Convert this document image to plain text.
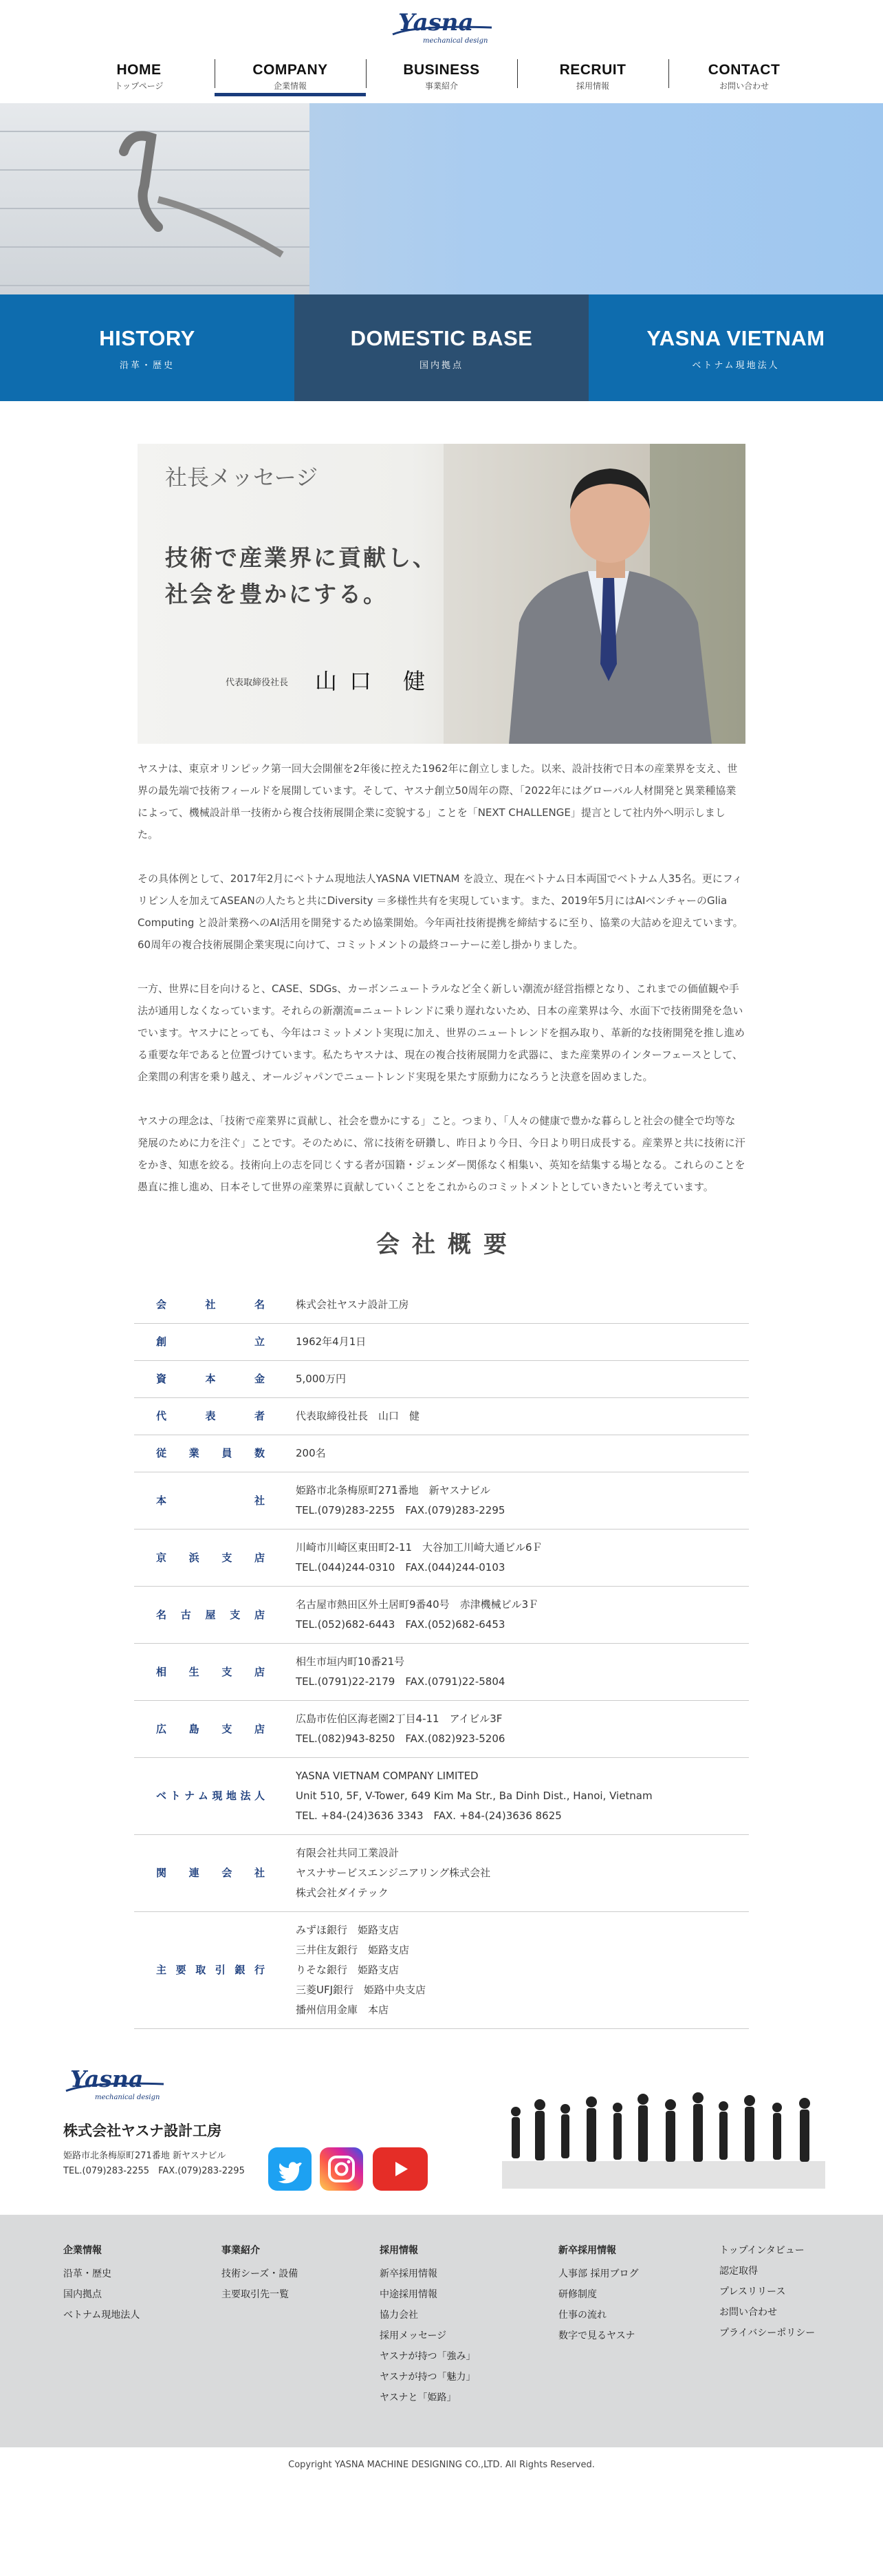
Yasna
mechanical design
HOME
トップページ
COMPANY
企業情報
BUSINESS
事業紹介
RECRUIT
採用情報
CONTACT
お問い合わせ
HISTORY
沿革・歴史
DOMESTIC BASE
国内拠点
YASNA VIETNAM
ベトナム現地法人
社長メッセージ
技術で産業界に貢献し、
社会を豊かにする。
代表取締役社長 山口 健

ヤスナは、東京オリンピック第一回大会開催を2年後に控えた1962年に創立しました。以来、設計技術で日本の産業界を支え、世界の最先端で技術フィールドを展開しています。そして、ヤスナ創立50周年の際、「2022年にはグローバル人材開発と異業種協業によって、機械設計単一技術から複合技術展開企業に変貌する」ことを「NEXT CHALLENGE」提言として社内外へ明示しました。

その具体例として、2017年2月にベトナム現地法人YASNA VIETNAM を設立、現在ベトナム日本両国でベトナム人35名。更にフィリピン人を加えてASEANの人たちと共にDiversity ＝多様性共有を実現しています。また、2019年5月にはAIベンチャーのGlia Computing と設計業務へのAI活用を開発するため協業開始。今年両社技術提携を締結するに至り、協業の大詰めを迎えています。60周年の複合技術展開企業実現に向けて、コミットメントの最終コーナーに差し掛かりました。

一方、世界に目を向けると、CASE、SDGs、カーボンニュートラルなど全く新しい潮流が経営指標となり、これまでの価値観や手法が通用しなくなっています。それらの新潮流=ニュートレンドに乗り遅れないため、日本の産業界は今、水面下で技術開発を急いでいます。ヤスナにとっても、今年はコミットメント実現に加え、世界のニュートレンドを掴み取り、革新的な技術開発を推し進める重要な年であると位置づけています。私たちヤスナは、現在の複合技術展開力を武器に、また産業界のインターフェースとして、企業間の利害を乗り越え、オールジャパンでニュートレンド実現を果たす原動力になろうと決意を固めました。

ヤスナの理念は、「技術で産業界に貢献し、社会を豊かにする」こと。つまり、「人々の健康で豊かな暮らしと社会の健全で均等な発展のために力を注ぐ」ことです。そのために、常に技術を研鑽し、昨日より今日、今日より明日成長する。産業界と共に技術に汗をかき、知恵を絞る。技術向上の志を同じくする者が国籍・ジェンダー関係なく相集い、英知を結集する場となる。これらのことを愚直に推し進め、日本そして世界の産業界に貢献していくことをこれからのコミットメントとしていきたいと考えています。

会社概要
会社名	株式会社ヤスナ設計工房

創立	1962年4月1日

資本金	5,000万円

代表者	代表取締役社長　山口　健

従業員数	200名

本社	姫路市北条梅原町271番地　新ヤスナビル
TEL.(079)283-2255　FAX.(079)283-2295

京浜支店	川崎市川崎区東田町2-11　大谷加工川崎大通ビル6Ｆ
TEL.(044)244-0310　FAX.(044)244-0103

名古屋支店	名古屋市熱田区外土居町9番40号　赤津機械ビル3Ｆ
TEL.(052)682-6443　FAX.(052)682-6453

相生支店	相生市垣内町10番21号
TEL.(0791)22-2179　FAX.(0791)22-5804

広島支店	広島市佐伯区海老園2丁目4-11　アイビル3F
TEL.(082)943-8250　FAX.(082)923-5206

ベトナム現地法人	YASNA VIETNAM COMPANY LIMITED
Unit 510, 5F, V-Tower, 649 Kim Ma Str., Ba Dinh Dist., Hanoi, Vietnam
TEL. +84-(24)3636 3343　FAX. +84-(24)3636 8625

関連会社	有限会社共同工業設計
ヤスナサービスエンジニアリング株式会社
株式会社ダイテック

主要取引銀行	みずほ銀行　姫路支店
三井住友銀行　姫路支店
りそな銀行　姫路支店
三菱UFJ銀行　姫路中央支店
播州信用金庫　本店
Yasna
mechanical design
株式会社ヤスナ設計工房
姫路市北条梅原町271番地 新ヤスナビル
TEL.(079)283-2255　FAX.(079)283-2295
企業情報
沿革・歴史
国内拠点
ベトナム現地法人
事業紹介
技術シーズ・設備
主要取引先一覧
採用情報
新卒採用情報
中途採用情報
協力会社
採用メッセージ
ヤスナが持つ「強み」
ヤスナが持つ「魅力」
ヤスナと「姫路」
新卒採用情報
人事部 採用ブログ
研修制度
仕事の流れ
数字で見るヤスナ
トップインタビュー
認定取得
プレスリリース
お問い合わせ
プライバシーポリシー
Copyright YASNA MACHINE DESIGNING CO.,LTD. All Rights Reserved.
